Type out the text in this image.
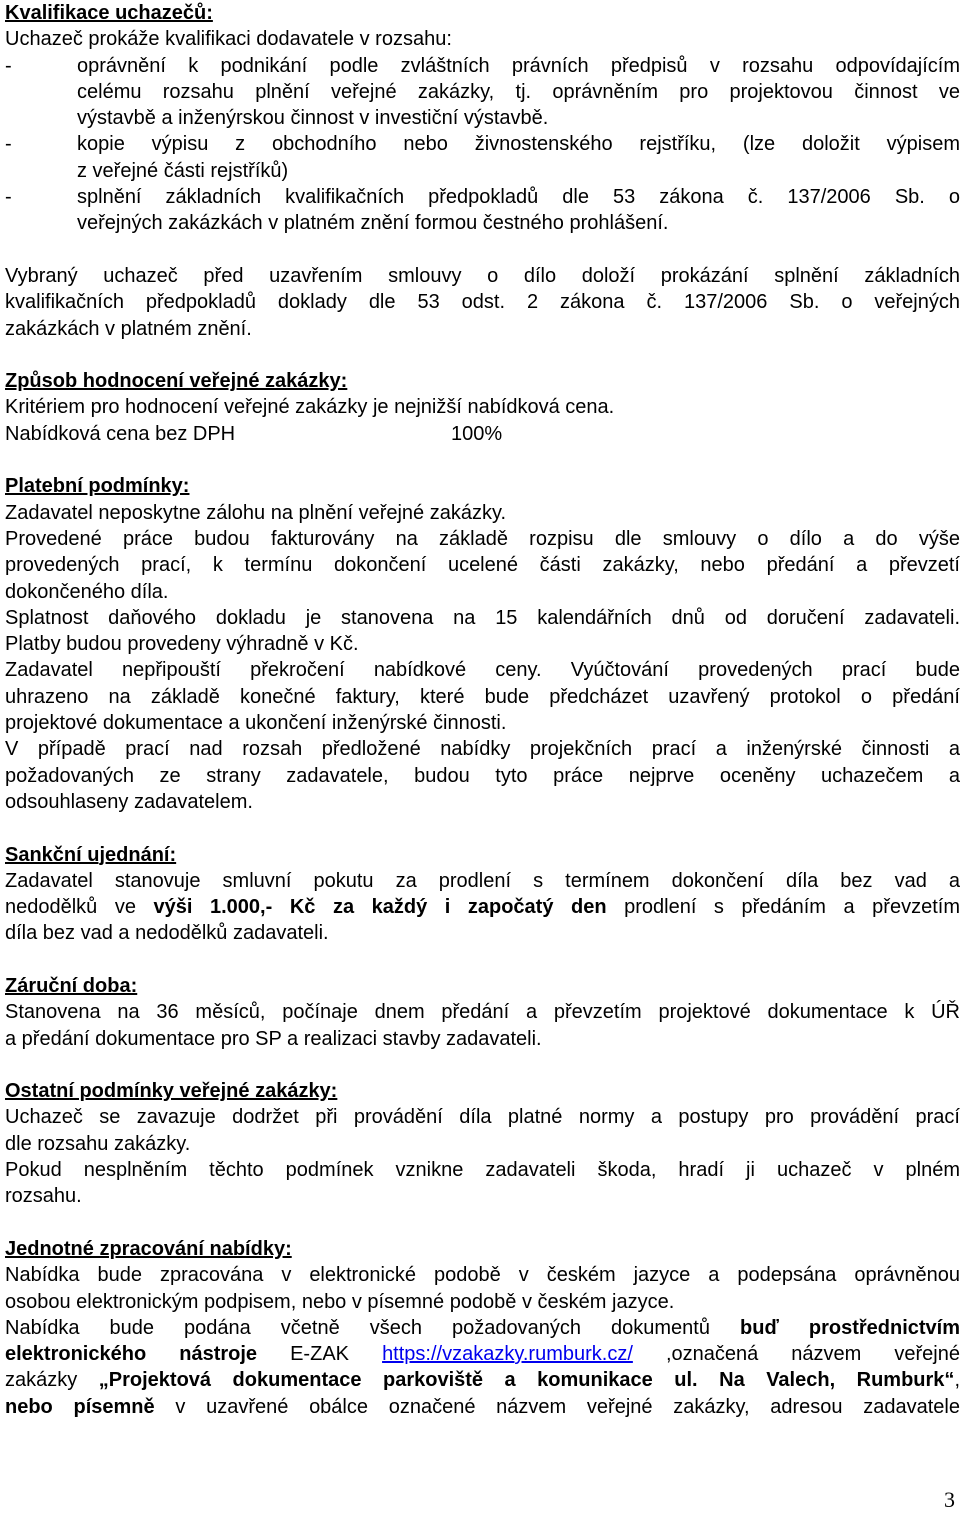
Kvalifikace uchazečů:
Uchazeč prokáže kvalifikaci dodavatele v rozsahu:
-	oprávnění k podnikání podle zvláštních právních předpisů v rozsahu odpovídajícím
celému rozsahu plnění veřejné zakázky, tj. oprávněním pro projektovou činnost ve
výstavbě a inženýrskou činnost v investiční výstavbě.
-	kopie výpisu z obchodního nebo živnostenského rejstříku, (lze doložit výpisem
z veřejné části rejstříků)
-	splnění základních kvalifikačních předpokladů dle 53 zákona č. 137/2006 Sb. o
veřejných zakázkách v platném znění formou čestného prohlášení.
Vybraný uchazeč před uzavřením smlouvy o dílo doloží prokázání splnění základních
kvalifikačních předpokladů doklady dle 53 odst. 2 zákona č. 137/2006 Sb. o veřejných
zakázkách v platném znění.
Způsob hodnocení veřejné zakázky:
Kritériem pro hodnocení veřejné zakázky je nejnižší nabídková cena.
Nabídková cena bez DPH	100%
Platební podmínky:
Zadavatel neposkytne zálohu na plnění veřejné zakázky.
Provedené práce budou fakturovány na základě rozpisu dle smlouvy o dílo a do výše
provedených prací, k termínu dokončení ucelené části zakázky, nebo předání a převzetí
dokončeného díla.
Splatnost daňového dokladu je stanovena na 15 kalendářních dnů od doručení zadavateli.
Platby budou provedeny výhradně v Kč.
Zadavatel nepřipouští překročení nabídkové ceny. Vyúčtování provedených prací bude
uhrazeno na základě konečné faktury, které bude předcházet uzavřený protokol o předání
projektové dokumentace a ukončení inženýrské činnosti.
V případě prací nad rozsah předložené nabídky projekčních prací a inženýrské činnosti a
požadovaných ze strany zadavatele, budou tyto práce nejprve oceněny uchazečem a
odsouhlaseny zadavatelem.
Sankční ujednání:
Zadavatel stanovuje smluvní pokutu za prodlení s termínem dokončení díla bez vad a
nedodělků ve výši 1.000,- Kč za každý i započatý den prodlení s předáním a převzetím
díla bez vad a nedodělků zadavateli.
Záruční doba:
Stanovena na 36 měsíců, počínaje dnem předání a převzetím projektové dokumentace k ÚŘ
a předání dokumentace pro SP a realizaci stavby zadavateli.
Ostatní podmínky veřejné zakázky:
Uchazeč se zavazuje dodržet při provádění díla platné normy a postupy pro provádění prací
dle rozsahu zakázky.
Pokud nesplněním těchto podmínek vznikne zadavateli škoda, hradí ji uchazeč v plném
rozsahu.
Jednotné zpracování nabídky:
Nabídka bude zpracována v elektronické podobě v českém jazyce a podepsána oprávněnou
osobou elektronickým podpisem, nebo v písemné podobě v českém jazyce.
Nabídka bude podána včetně všech požadovaných dokumentů buď prostřednictvím
elektronického nástroje E-ZAK https://vzakazky.rumburk.cz/ ,označená názvem veřejné
zakázky „Projektová dokumentace parkoviště a komunikace ul. Na Valech, Rumburk“,
nebo písemně v uzavřené obálce označené názvem veřejné zakázky, adresou zadavatele
3
